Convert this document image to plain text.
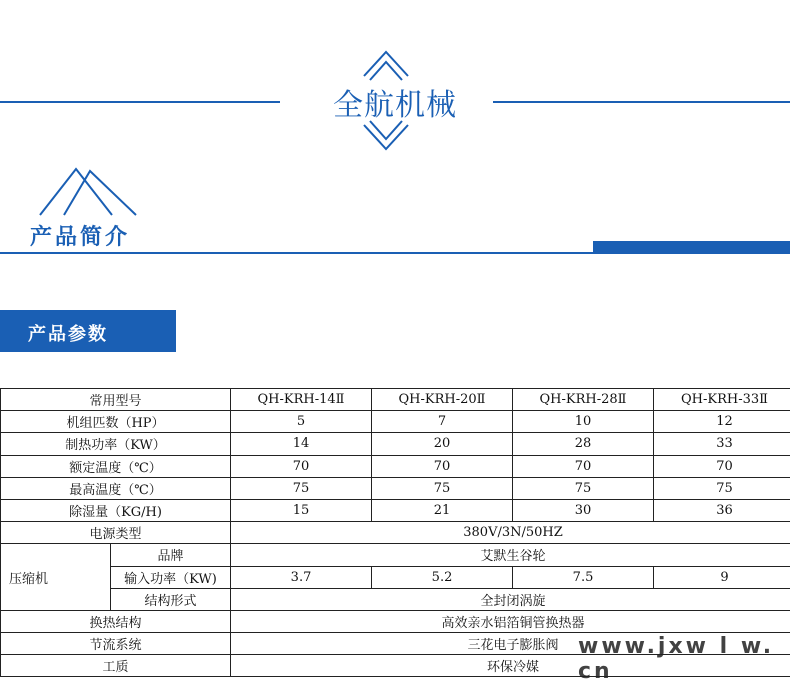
全航机械
产品简介
产品参数
常用型号		QH-KRH-14Ⅱ	QH-KRH-20Ⅱ	QH-KRH-28Ⅱ	QH-KRH-33Ⅱ
机组匹数（HP）		5	7	10	12
制热功率（KW）		14	20	28	33
额定温度（℃）		70	70	70	70
最高温度（℃）		75	75	75	75
除湿量（KG/H)		15	21	30	36
电源类型		380V/3N/50HZ			
压缩机	品牌	艾默生谷轮			
	输入功率（KW)	3.7	5.2	7.5	9
	结构形式	全封闭涡旋			
换热结构		高效亲水铝箔铜管换热器			
节流系统		三花电子膨胀阀			
工质		环保冷媒			
www.jxw l w. cn
